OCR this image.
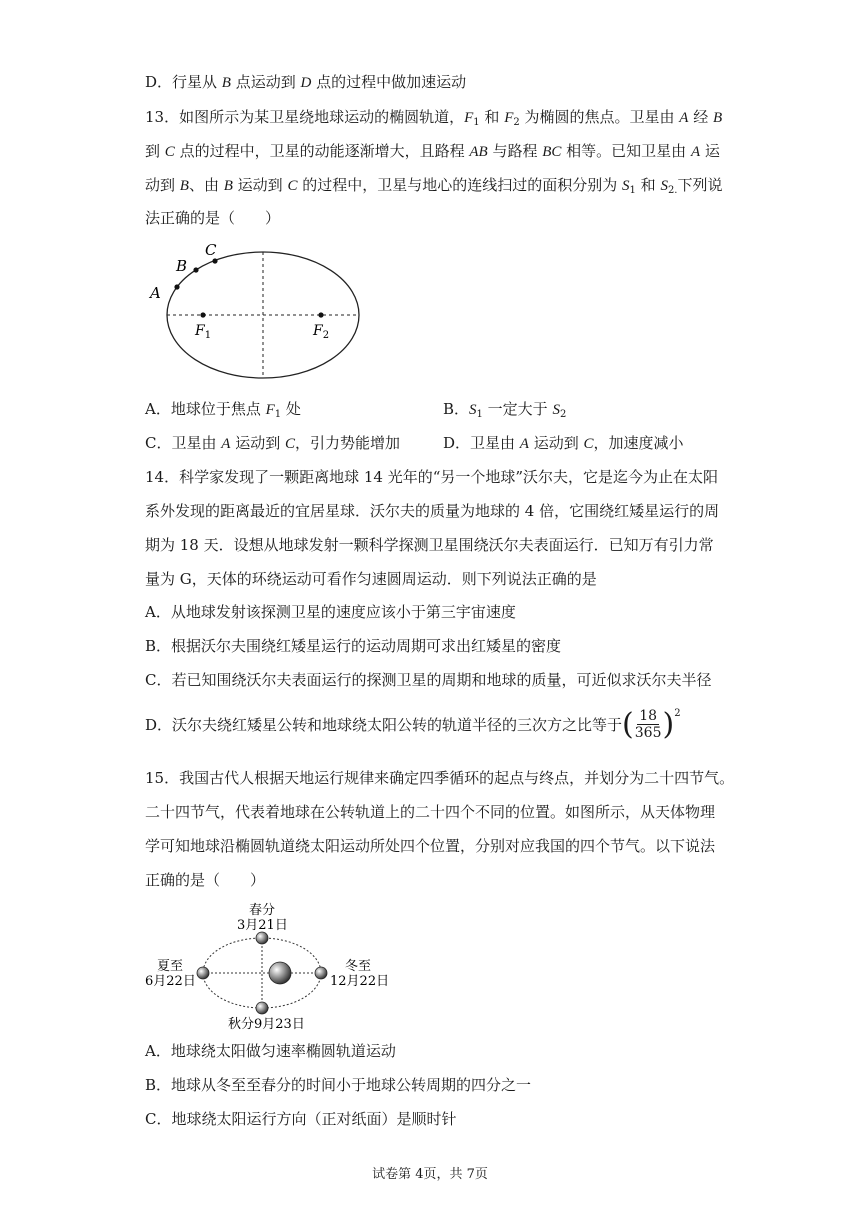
D．行星从 B 点运动到 D 点的过程中做加速运动
13．如图所示为某卫星绕地球运动的椭圆轨道，$F_1$ 和 $F_2$ 为椭圆的焦点。卫星由 A 经 B
到 C 点的过程中，卫星的动能逐渐增大，且路程 AB 与路程 BC 相等。已知卫星由 A 运
动到 B、由 B 运动到 C 的过程中，卫星与地心的连线扫过的面积分别为 $S_1$ 和 $S_{2.}$下列说
法正确的是（　　）
A
B
C
$F_1$	$F_2$
A．地球位于焦点 $F_1$ 处	B．$S_1$ 一定大于 $S_2$
C．卫星由 A 运动到 C，引力势能增加	D．卫星由 A 运动到 C，加速度减小
14．科学家发现了一颗距离地球 14 光年的“另一个地球”沃尔夫，它是迄今为止在太阳
系外发现的距离最近的宜居星球．沃尔夫的质量为地球的 4 倍，它围绕红矮星运行的周
期为 18 天．设想从地球发射一颗科学探测卫星围绕沃尔夫表面运行．已知万有引力常
量为 G，天体的环绕运动可看作匀速圆周运动．则下列说法正确的是
A．从地球发射该探测卫星的速度应该小于第三宇宙速度
B．根据沃尔夫围绕红矮星运行的运动周期可求出红矮星的密度
C．若已知围绕沃尔夫表面运行的探测卫星的周期和地球的质量，可近似求沃尔夫半径
D．沃尔夫绕红矮星公转和地球绕太阳公转的轨道半径的三次方之比等于 ( $\frac{18}{365} )^2$
15．我国古代人根据天地运行规律来确定四季循环的起点与终点，并划分为二十四节气。
二十四节气，代表着地球在公转轨道上的二十四个不同的位置。如图所示，从天体物理
学可知地球沿椭圆轨道绕太阳运动所处四个位置，分别对应我国的四个节气。以下说法
正确的是（　　）
春分
3月21日
夏至
6月22日
冬至
12月22日
秋分9月23日
A．地球绕太阳做匀速率椭圆轨道运动
B．地球从冬至至春分的时间小于地球公转周期的四分之一
C．地球绕太阳运行方向（正对纸面）是顺时针
试卷第 4页，共 7页
